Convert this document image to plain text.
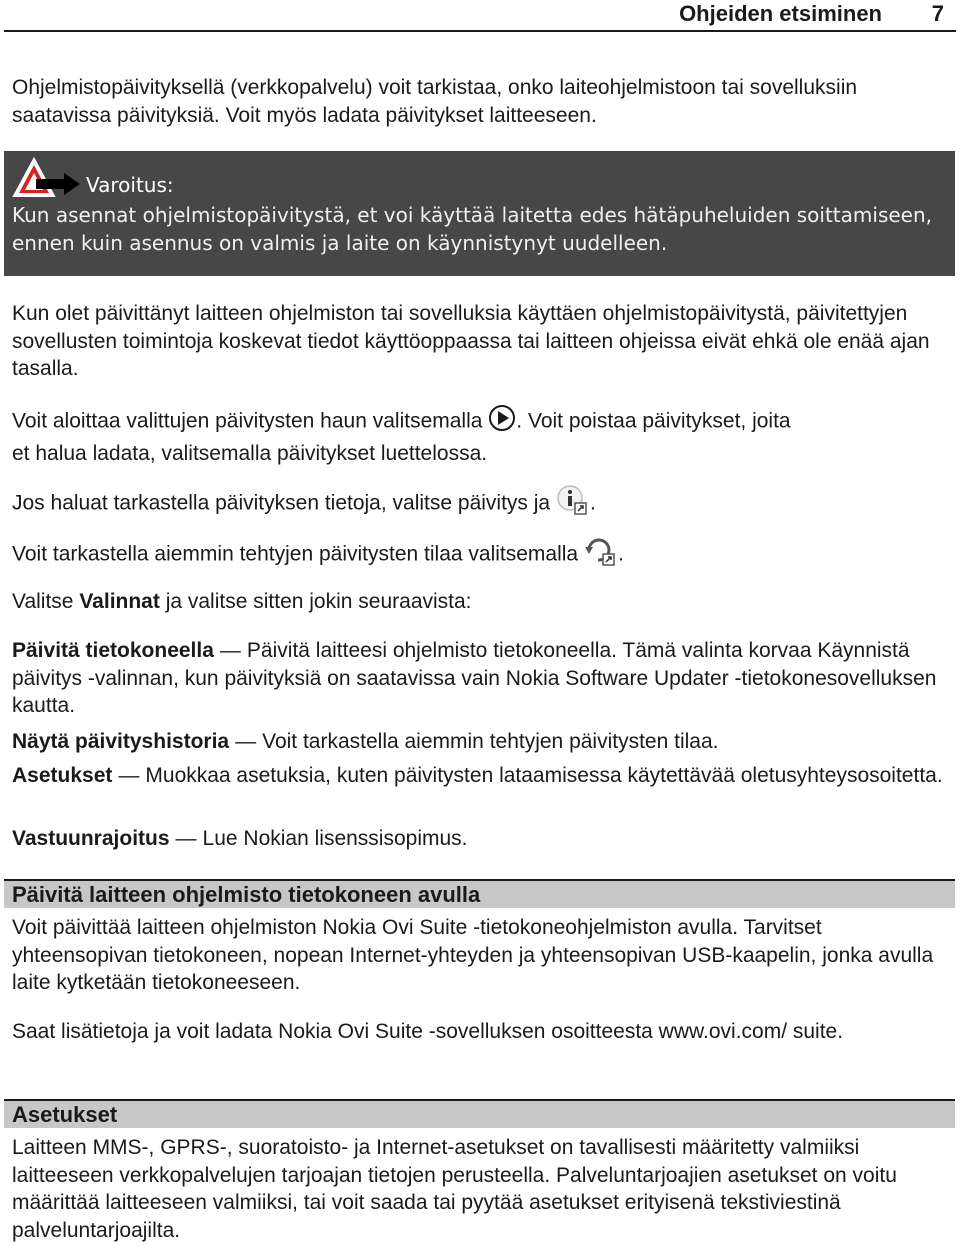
Ohjeiden etsiminen 7

Ohjelmistopäivityksellä (verkkopalvelu) voit tarkistaa, onko laiteohjelmistoon tai sovelluksiin saatavissa päivityksiä. Voit myös ladata päivitykset laitteeseen.

Varoitus:
Kun asennat ohjelmistopäivitystä, et voi käyttää laitetta edes hätäpuheluiden soittamiseen, ennen kuin asennus on valmis ja laite on käynnistynyt uudelleen.

Kun olet päivittänyt laitteen ohjelmiston tai sovelluksia käyttäen ohjelmistopäivitystä, päivitettyjen sovellusten toimintoja koskevat tiedot käyttöoppaassa tai laitteen ohjeissa eivät ehkä ole enää ajan tasalla.

Voit aloittaa valittujen päivitysten haun valitsemalla . Voit poistaa päivitykset, joita
et halua ladata, valitsemalla päivitykset luettelossa.

Jos haluat tarkastella päivityksen tietoja, valitse päivitys ja .

Voit tarkastella aiemmin tehtyjen päivitysten tilaa valitsemalla .

Valitse Valinnat ja valitse sitten jokin seuraavista:

Päivitä tietokoneella — Päivitä laitteesi ohjelmisto tietokoneella. Tämä valinta korvaa Käynnistä päivitys -valinnan, kun päivityksiä on saatavissa vain Nokia Software Updater -tietokonesovelluksen kautta.

Näytä päivityshistoria — Voit tarkastella aiemmin tehtyjen päivitysten tilaa.

Asetukset — Muokkaa asetuksia, kuten päivitysten lataamisessa käytettävää oletusyhteysosoitetta.

Vastuunrajoitus — Lue Nokian lisenssisopimus.

Päivitä laitteen ohjelmisto tietokoneen avulla

Voit päivittää laitteen ohjelmiston Nokia Ovi Suite -tietokoneohjelmiston avulla. Tarvitset yhteensopivan tietokoneen, nopean Internet-yhteyden ja yhteensopivan USB-kaapelin, jonka avulla laite kytketään tietokoneeseen.

Saat lisätietoja ja voit ladata Nokia Ovi Suite -sovelluksen osoitteesta www.ovi.com/ suite.

Asetukset

Laitteen MMS-, GPRS-, suoratoisto- ja Internet-asetukset on tavallisesti määritetty valmiiksi laitteeseen verkkopalvelujen tarjoajan tietojen perusteella. Palveluntarjoajien asetukset on voitu määrittää laitteeseen valmiiksi, tai voit saada tai pyytää asetukset erityisenä tekstiviestinä palveluntarjoajilta.
